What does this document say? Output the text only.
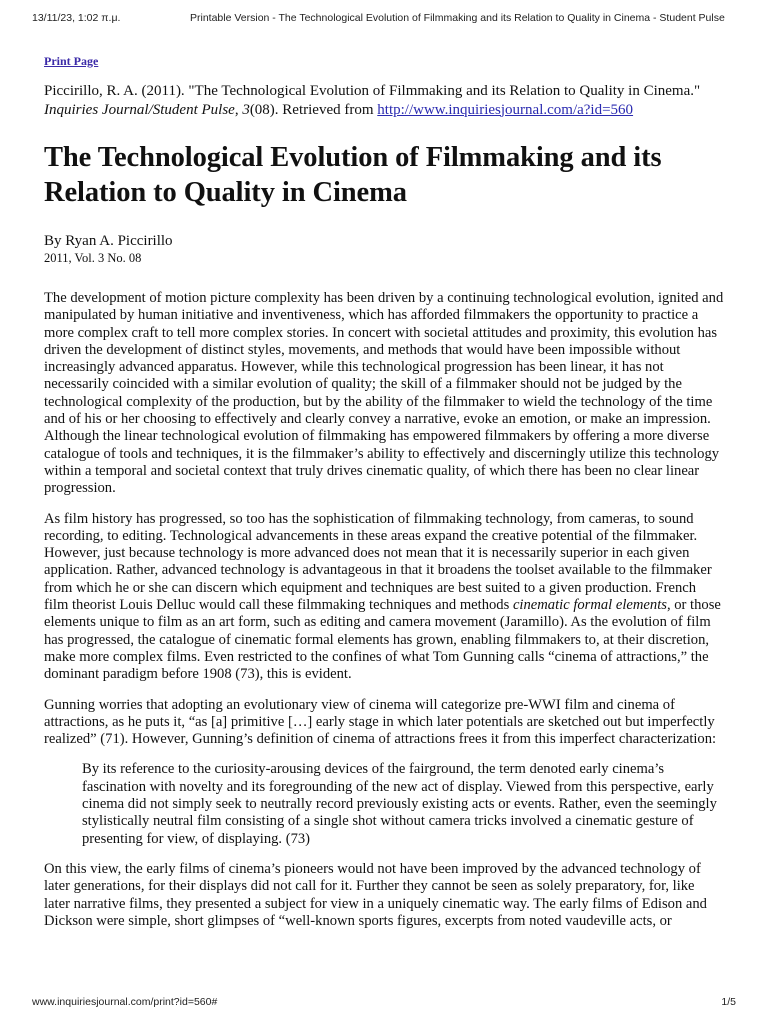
13/11/23, 1:02 π.μ.	Printable Version - The Technological Evolution of Filmmaking and its Relation to Quality in Cinema - Student Pulse
Print Page

Piccirillo, R. A. (2011). "The Technological Evolution of Filmmaking and its Relation to Quality in Cinema."
Inquiries Journal/Student Pulse, 3(08). Retrieved from http://www.inquiriesjournal.com/a?id=560

The Technological Evolution of Filmmaking and its Relation to Quality in Cinema

By Ryan A. Piccirillo

2011, Vol. 3 No. 08

The development of motion picture complexity has been driven by a continuing technological evolution, ignited and manipulated by human initiative and inventiveness, which has afforded filmmakers the opportunity to practice a more complex craft to tell more complex stories. In concert with societal attitudes and proximity, this evolution has driven the development of distinct styles, movements, and methods that would have been impossible without increasingly advanced apparatus. However, while this technological progression has been linear, it has not necessarily coincided with a similar evolution of quality; the skill of a filmmaker should not be judged by the technological complexity of the production, but by the ability of the filmmaker to wield the technology of the time and of his or her choosing to effectively and clearly convey a narrative, evoke an emotion, or make an impression. Although the linear technological evolution of filmmaking has empowered filmmakers by offering a more diverse catalogue of tools and techniques, it is the filmmaker’s ability to effectively and discerningly utilize this technology within a temporal and societal context that truly drives cinematic quality, of which there has been no clear linear progression.

As film history has progressed, so too has the sophistication of filmmaking technology, from cameras, to sound recording, to editing. Technological advancements in these areas expand the creative potential of the filmmaker. However, just because technology is more advanced does not mean that it is necessarily superior in each given application. Rather, advanced technology is advantageous in that it broadens the toolset available to the filmmaker from which he or she can discern which equipment and techniques are best suited to a given production. French film theorist Louis Delluc would call these filmmaking techniques and methods cinematic formal elements, or those elements unique to film as an art form, such as editing and camera movement (Jaramillo). As the evolution of film has progressed, the catalogue of cinematic formal elements has grown, enabling filmmakers to, at their discretion, make more complex films. Even restricted to the confines of what Tom Gunning calls “cinema of attractions,” the dominant paradigm before 1908 (73), this is evident.

Gunning worries that adopting an evolutionary view of cinema will categorize pre-WWI film and cinema of attractions, as he puts it, “as [a] primitive […] early stage in which later potentials are sketched out but imperfectly realized” (71). However, Gunning’s definition of cinema of attractions frees it from this imperfect characterization:

By its reference to the curiosity-arousing devices of the fairground, the term denoted early cinema’s fascination with novelty and its foregrounding of the new act of display. Viewed from this perspective, early cinema did not simply seek to neutrally record previously existing acts or events. Rather, even the seemingly stylistically neutral film consisting of a single shot without camera tricks involved a cinematic gesture of presenting for view, of displaying. (73)

On this view, the early films of cinema’s pioneers would not have been improved by the advanced technology of later generations, for their displays did not call for it. Further they cannot be seen as solely preparatory, for, like later narrative films, they presented a subject for view in a uniquely cinematic way. The early films of Edison and Dickson were simple, short glimpses of “well-known sports figures, excerpts from noted vaudeville acts, or

www.inquiriesjournal.com/print?id=560#	1/5
